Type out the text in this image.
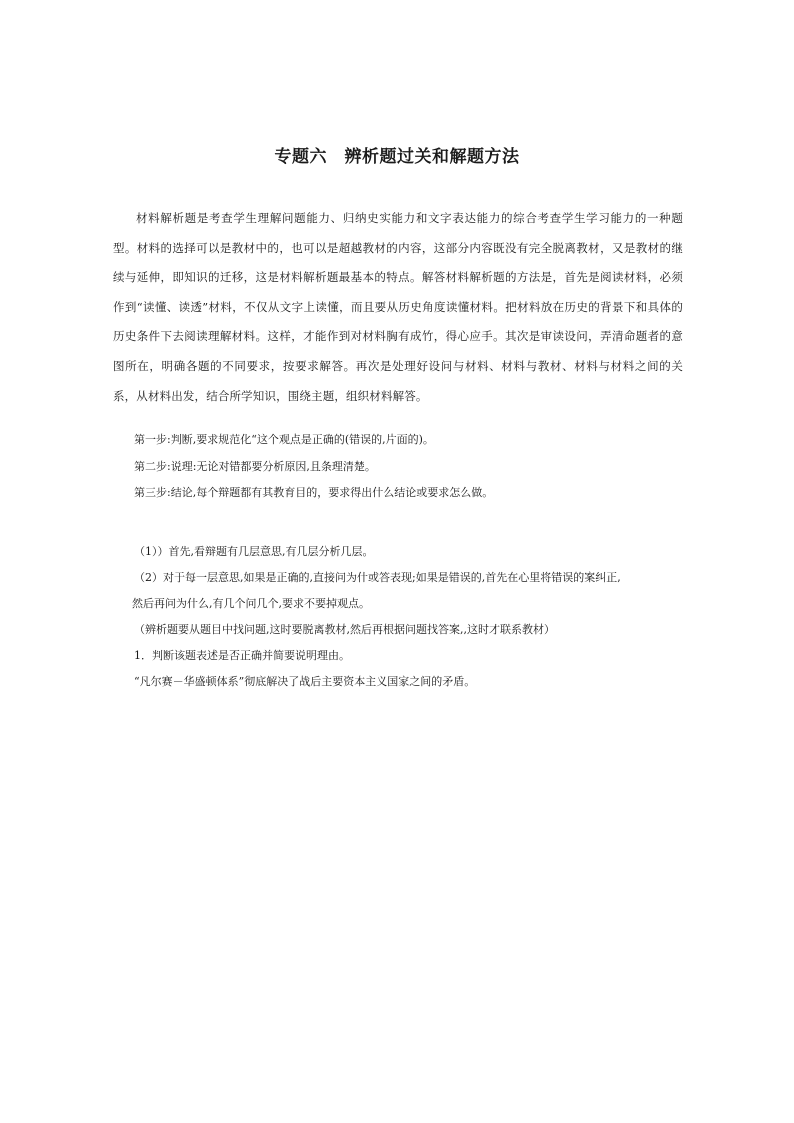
专题六　辨析题过关和解题方法

材料解析题是考查学生理解问题能力、归纳史实能力和文字表达能力的综合考查学生学习能力的一种题型。材料的选择可以是教材中的，也可以是超越教材的内容，这部分内容既没有完全脱离教材，又是教材的继续与延伸，即知识的迁移，这是材料解析题最基本的特点。解答材料解析题的方法是，首先是阅读材料，必须作到“读懂、读透”材料，不仅从文字上读懂，而且要从历史角度读懂材料。把材料放在历史的背景下和具体的历史条件下去阅读理解材料。这样，才能作到对材料胸有成竹，得心应手。其次是审读设问，弄清命题者的意图所在，明确各题的不同要求，按要求解答。再次是处理好设问与材料、材料与教材、材料与材料之间的关系，从材料出发，结合所学知识，围绕主题，组织材料解答。

第一步:判断,要求规范化“这个观点是正确的(错误的,片面的)。

第二步:说理:无论对错都要分析原因,且条理清楚。

第三步:结论,每个辩题都有其教育目的，要求得出什么结论或要求怎么做。

（1））首先,看辩题有几层意思,有几层分析几层。

（2）对于每一层意思,如果是正确的,直接问为什或答表现;如果是错误的,首先在心里将错误的案纠正,

然后再问为什么,有几个问几个,要求不要掉观点。

（辨析题要从题目中找问题,这时要脱离教材,然后再根据问题找答案,,这时才联系教材）

1．判断该题表述是否正确并简要说明理由。

“凡尔赛－华盛顿体系”彻底解决了战后主要资本主义国家之间的矛盾。
